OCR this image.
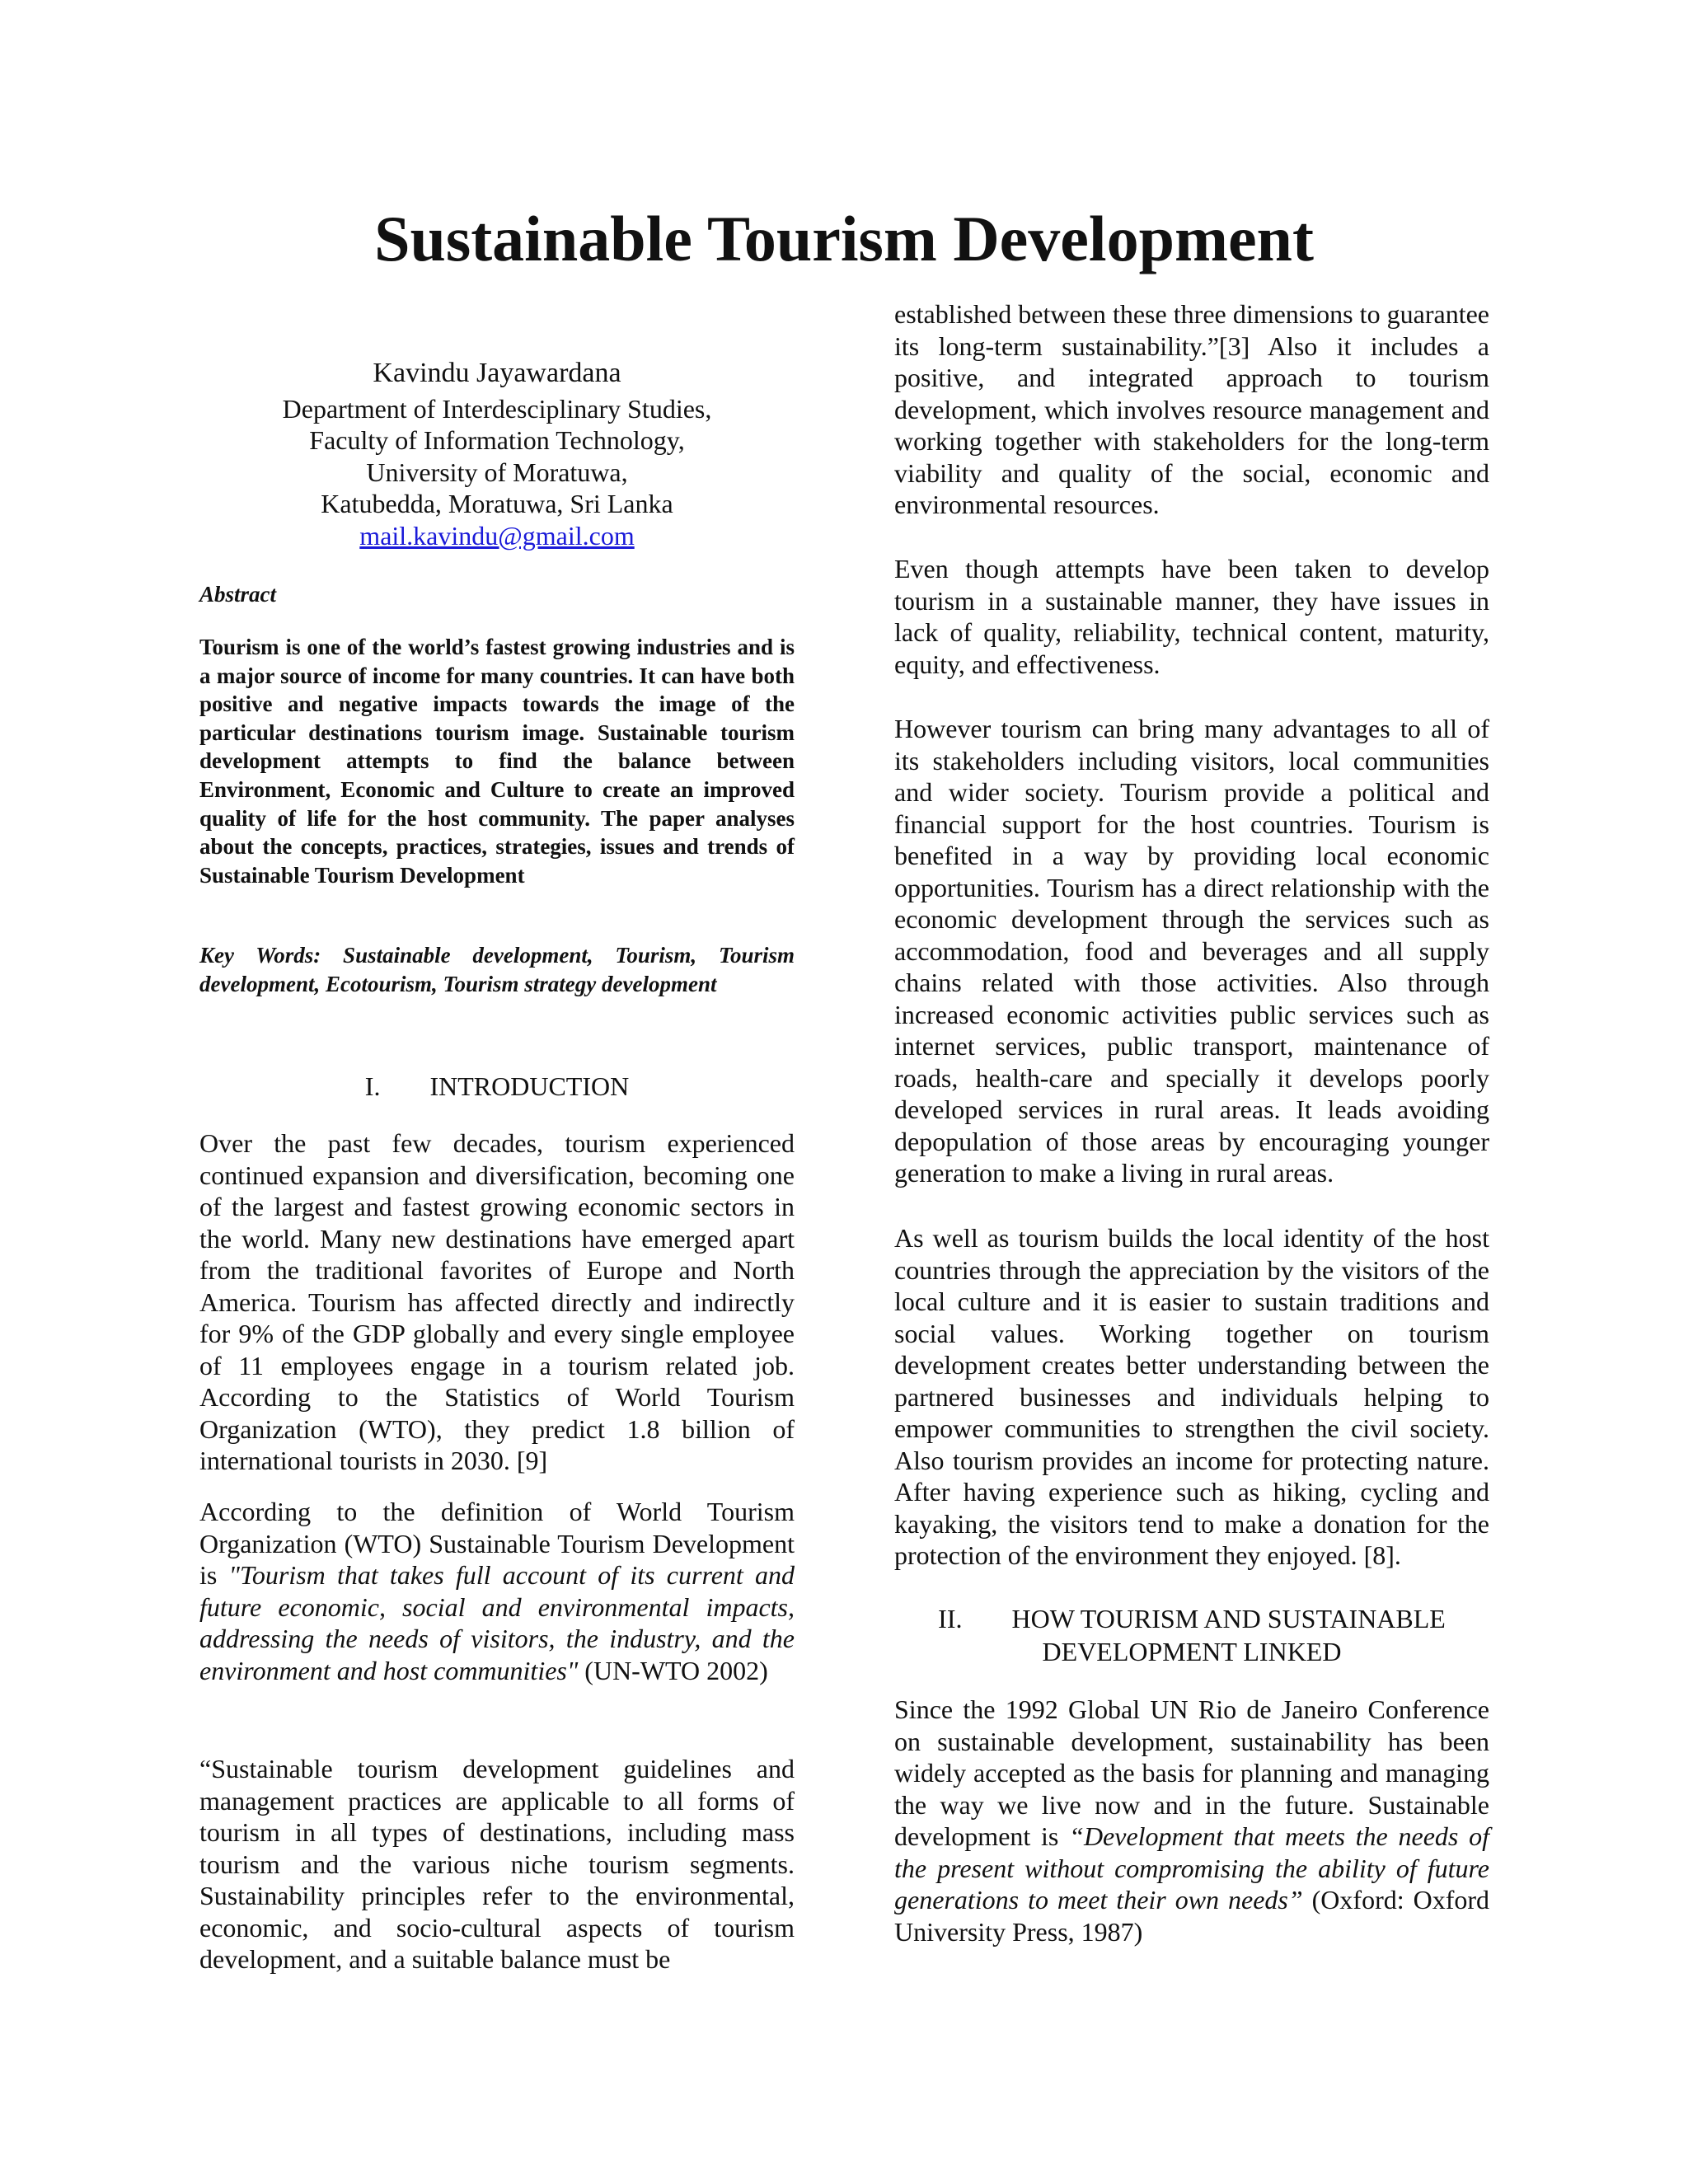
Sustainable Tourism Development
Kavindu Jayawardana
Department of Interdesciplinary Studies,
Faculty of Information Technology,
University of Moratuwa,
Katubedda, Moratuwa, Sri Lanka
mail.kavindu@gmail.com

Abstract

Tourism is one of the world’s fastest growing industries and is a major source of income for many countries. It can have both positive and negative impacts towards the image of the particular destinations tourism image. Sustainable tourism development attempts to find the balance between Environment, Economic and Culture to create an improved quality of life for the host community. The paper analyses about the concepts, practices, strategies, issues and trends of Sustainable Tourism Development

Key Words: Sustainable development, Tourism, Tourism development, Ecotourism, Tourism strategy development

I. INTRODUCTION

Over the past few decades, tourism experienced continued expansion and diversification, becoming one of the largest and fastest growing economic sectors in the world. Many new destinations have emerged apart from the traditional favorites of Europe and North America. Tourism has affected directly and indirectly for 9% of the GDP globally and every single employee of 11 employees engage in a tourism related job. According to the Statistics of World Tourism Organization (WTO), they predict 1.8 billion of international tourists in 2030. [9]

According to the definition of World Tourism Organization (WTO) Sustainable Tourism Development is "Tourism that takes full account of its current and future economic, social and environmental impacts, addressing the needs of visitors, the industry, and the environment and host communities" (UN-WTO 2002)

“Sustainable tourism development guidelines and management practices are applicable to all forms of tourism in all types of destinations, including mass tourism and the various niche tourism segments. Sustainability principles refer to the environmental, economic, and socio-cultural aspects of tourism development, and a suitable balance must be

established between these three dimensions to guarantee its long-term sustainability.”[3] Also it includes a positive, and integrated approach to tourism development, which involves resource management and working together with stakeholders for the long-term viability and quality of the social, economic and environmental resources.

Even though attempts have been taken to develop tourism in a sustainable manner, they have issues in lack of quality, reliability, technical content, maturity, equity, and effectiveness.

However tourism can bring many advantages to all of its stakeholders including visitors, local communities and wider society. Tourism provide a political and financial support for the host countries. Tourism is benefited in a way by providing local economic opportunities. Tourism has a direct relationship with the economic development through the services such as accommodation, food and beverages and all supply chains related with those activities. Also through increased economic activities public services such as internet services, public transport, maintenance of roads, health-care and specially it develops poorly developed services in rural areas. It leads avoiding depopulation of those areas by encouraging younger generation to make a living in rural areas.

As well as tourism builds the local identity of the host countries through the appreciation by the visitors of the local culture and it is easier to sustain traditions and social values. Working together on tourism development creates better understanding between the partnered businesses and individuals helping to empower communities to strengthen the civil society. Also tourism provides an income for protecting nature. After having experience such as hiking, cycling and kayaking, the visitors tend to make a donation for the protection of the environment they enjoyed. [8].

II. HOW TOURISM AND SUSTAINABLE
DEVELOPMENT LINKED

Since the 1992 Global UN Rio de Janeiro Conference on sustainable development, sustainability has been widely accepted as the basis for planning and managing the way we live now and in the future. Sustainable development is “Development that meets the needs of the present without compromising the ability of future generations to meet their own needs” (Oxford: Oxford University Press, 1987)
